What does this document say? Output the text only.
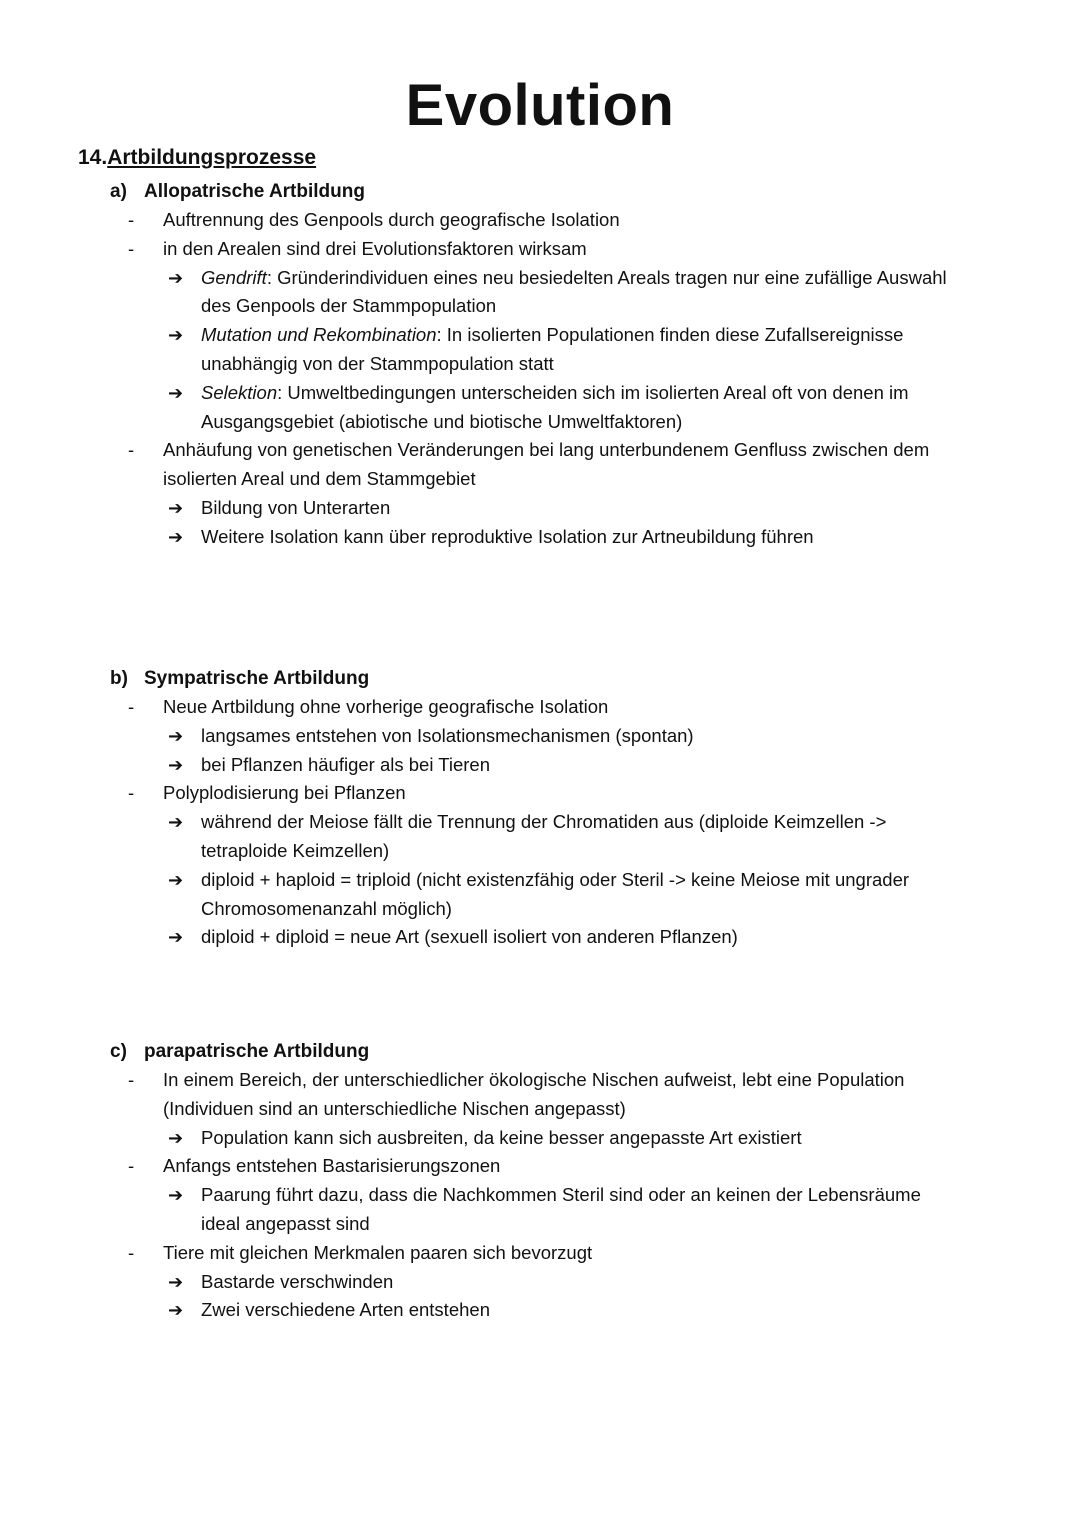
Evolution
14.Artbildungsprozesse
a) Allopatrische Artbildung
- Auftrennung des Genpools durch geografische Isolation
- in den Arealen sind drei Evolutionsfaktoren wirksam
➔ Gendrift: Gründerindividuen eines neu besiedelten Areals tragen nur eine zufällige Auswahl
des Genpools der Stammpopulation
➔ Mutation und Rekombination: In isolierten Populationen finden diese Zufallsereignisse
unabhängig von der Stammpopulation statt
➔ Selektion: Umweltbedingungen unterscheiden sich im isolierten Areal oft von denen im
Ausgangsgebiet (abiotische und biotische Umweltfaktoren)
- Anhäufung von genetischen Veränderungen bei lang unterbundenem Genfluss zwischen dem
isolierten Areal und dem Stammgebiet
➔ Bildung von Unterarten
➔ Weitere Isolation kann über reproduktive Isolation zur Artneubildung führen
b) Sympatrische Artbildung
- Neue Artbildung ohne vorherige geografische Isolation
➔ langsames entstehen von Isolationsmechanismen (spontan)
➔ bei Pflanzen häufiger als bei Tieren
- Polyplodisierung bei Pflanzen
➔ während der Meiose fällt die Trennung der Chromatiden aus (diploide Keimzellen ->
tetraploide Keimzellen)
➔ diploid + haploid = triploid (nicht existenzfähig oder Steril -> keine Meiose mit ungrader
Chromosomenanzahl möglich)
➔ diploid + diploid = neue Art (sexuell isoliert von anderen Pflanzen)
c) parapatrische Artbildung
- In einem Bereich, der unterschiedlicher ökologische Nischen aufweist, lebt eine Population
(Individuen sind an unterschiedliche Nischen angepasst)
➔ Population kann sich ausbreiten, da keine besser angepasste Art existiert
- Anfangs entstehen Bastarisierungszonen
➔ Paarung führt dazu, dass die Nachkommen Steril sind oder an keinen der Lebensräume
ideal angepasst sind
- Tiere mit gleichen Merkmalen paaren sich bevorzugt
➔ Bastarde verschwinden
➔ Zwei verschiedene Arten entstehen
